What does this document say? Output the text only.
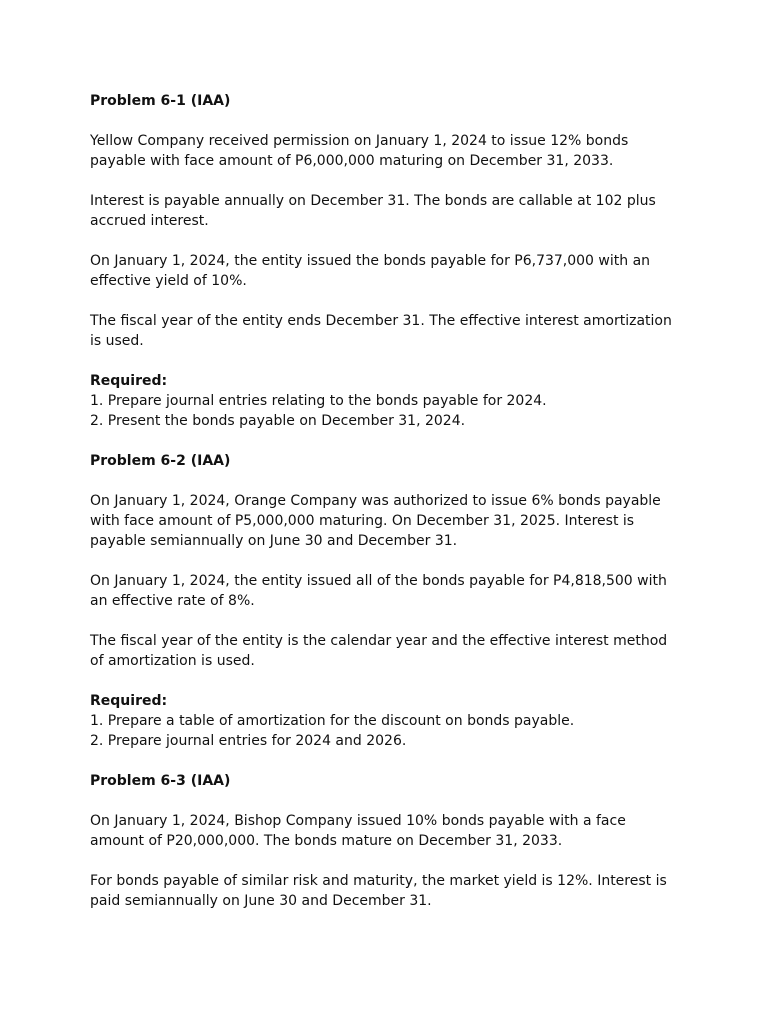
Problem 6-1 (IAA)

Yellow Company received permission on January 1, 2024 to issue 12% bonds payable with face amount of P6,000,000 maturing on December 31, 2033.

Interest is payable annually on December 31. The bonds are callable at 102 plus accrued interest.

On January 1, 2024, the entity issued the bonds payable for P6,737,000 with an effective yield of 10%.

The fiscal year of the entity ends December 31. The effective interest amortization is used.

Required:
1. Prepare journal entries relating to the bonds payable for 2024.
2. Present the bonds payable on December 31, 2024.

Problem 6-2 (IAA)

On January 1, 2024, Orange Company was authorized to issue 6% bonds payable with face amount of P5,000,000 maturing. On December 31, 2025. Interest is payable semiannually on June 30 and December 31.

On January 1, 2024, the entity issued all of the bonds payable for P4,818,500 with an effective rate of 8%.

The fiscal year of the entity is the calendar year and the effective interest method of amortization is used.

Required:
1. Prepare a table of amortization for the discount on bonds payable.
2. Prepare journal entries for 2024 and 2026.

Problem 6-3 (IAA)

On January 1, 2024, Bishop Company issued 10% bonds payable with a face amount of P20,000,000. The bonds mature on December 31, 2033.

For bonds payable of similar risk and maturity, the market yield is 12%. Interest is paid semiannually on June 30 and December 31.
